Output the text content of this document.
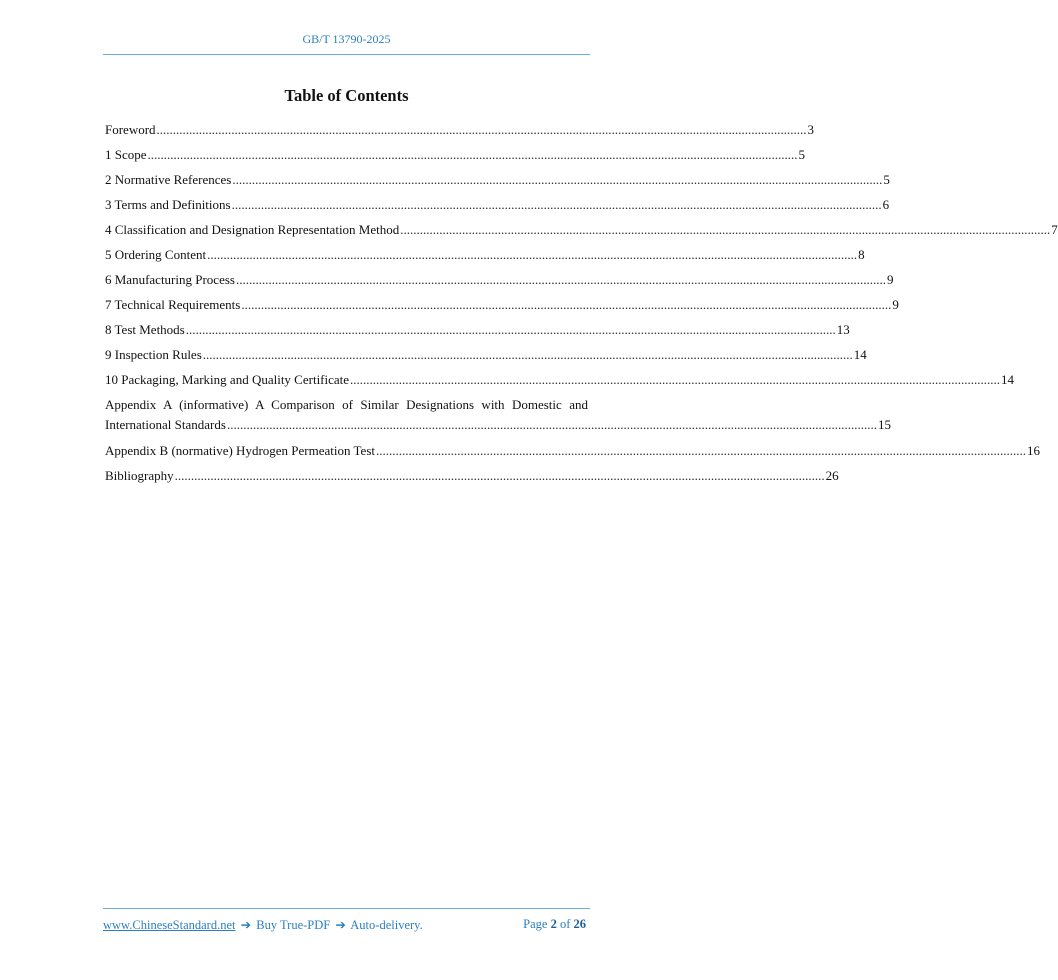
GB/T 13790-2025
Table of Contents
Foreword ........................................................................................................................................................................................................ 3
1 Scope ........................................................................................................................................................................................................ 5
2 Normative References ........................................................................................................................................................................................................ 5
3 Terms and Definitions ........................................................................................................................................................................................................ 6
4 Classification and Designation Representation Method ........................................................................................................................................................................................................ 7
5 Ordering Content ........................................................................................................................................................................................................ 8
6 Manufacturing Process ........................................................................................................................................................................................................ 9
7 Technical Requirements ........................................................................................................................................................................................................ 9
8 Test Methods ........................................................................................................................................................................................................ 13
9 Inspection Rules ........................................................................................................................................................................................................ 14
10 Packaging, Marking and Quality Certificate ........................................................................................................................................................................................................ 14
Appendix A (informative) A Comparison of Similar Designations with Domestic and
International Standards ........................................................................................................................................................................................................ 15
Appendix B (normative) Hydrogen Permeation Test ........................................................................................................................................................................................................ 16
Bibliography ........................................................................................................................................................................................................ 26
www.ChineseStandard.net ➔ Buy True-PDF ➔ Auto-delivery.	Page 2 of 26
